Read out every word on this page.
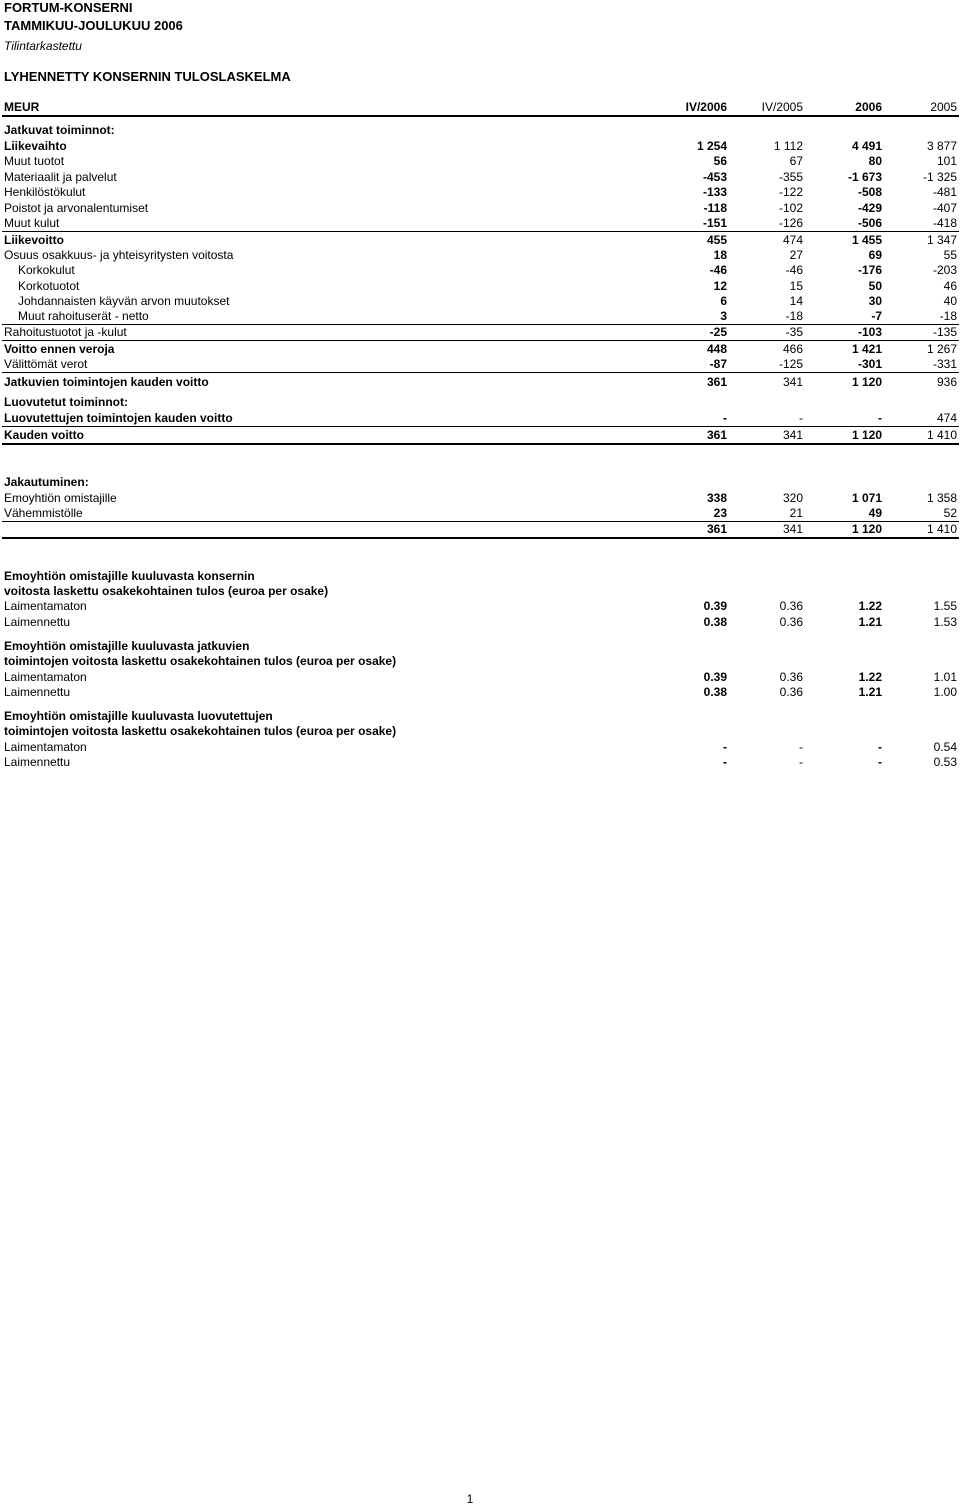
FORTUM-KONSERNI
TAMMIKUU-JOULUKUU 2006
Tilintarkastettu
LYHENNETTY KONSERNIN TULOSLASKELMA
MEUR	IV/2006	IV/2005	2006	2005
Jatkuvat toiminnot:
Liikevaihto	1 254	1 112	4 491	3 877
Muut tuotot	56	67	80	101
Materiaalit ja palvelut	-453	-355	-1 673	-1 325
Henkilöstökulut	-133	-122	-508	-481
Poistot ja arvonalentumiset	-118	-102	-429	-407
Muut kulut	-151	-126	-506	-418
Liikevoitto	455	474	1 455	1 347
Osuus osakkuus- ja yhteisyritysten voitosta	18	27	69	55
Korkokulut	-46	-46	-176	-203
Korkotuotot	12	15	50	46
Johdannaisten käyvän arvon muutokset	6	14	30	40
Muut rahoituserät - netto	3	-18	-7	-18
Rahoitustuotot ja -kulut	-25	-35	-103	-135
Voitto ennen veroja	448	466	1 421	1 267
Välittömät verot	-87	-125	-301	-331
Jatkuvien toimintojen kauden voitto	361	341	1 120	936
Luovutetut toiminnot:
Luovutettujen toimintojen kauden voitto	-	-	-	474
Kauden voitto	361	341	1 120	1 410
Jakautuminen:
Emoyhtiön omistajille	338	320	1 071	1 358
Vähemmistölle	23	21	49	52
361	341	1 120	1 410
Emoyhtiön omistajille kuuluvasta konsernin
voitosta laskettu osakekohtainen tulos (euroa per osake)
Laimentamaton	0.39	0.36	1.22	1.55
Laimennettu	0.38	0.36	1.21	1.53
Emoyhtiön omistajille kuuluvasta jatkuvien
toimintojen voitosta laskettu osakekohtainen tulos (euroa per osake)
Laimentamaton	0.39	0.36	1.22	1.01
Laimennettu	0.38	0.36	1.21	1.00
Emoyhtiön omistajille kuuluvasta luovutettujen
toimintojen voitosta laskettu osakekohtainen tulos (euroa per osake)
Laimentamaton	-	-	-	0.54
Laimennettu	-	-	-	0.53
1
